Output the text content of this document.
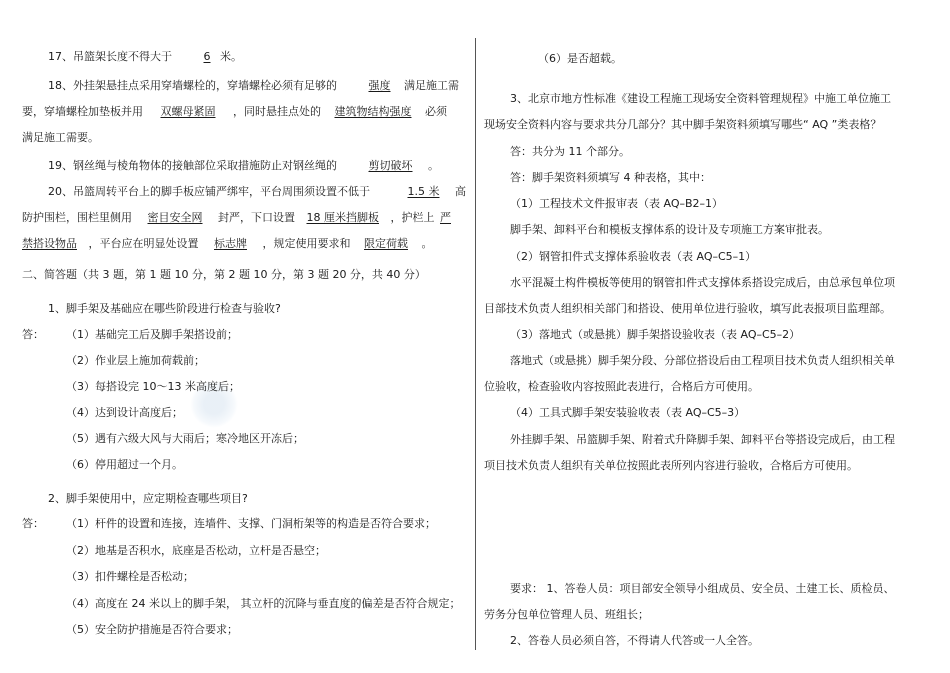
17、吊篮架长度不得大于	6 米。
18、外挂架悬挂点采用穿墙螺栓的，穿墙螺栓必须有足够的	强度 满足施工需
要，穿墙螺栓加垫板并用 双螺母紧固 ，同时悬挂点处的 建筑物结构强度 必须
满足施工需要。
19、钢丝绳与棱角物体的接触部位采取措施防止对钢丝绳的	剪切破坏 。
20、吊篮周转平台上的脚手板应铺严绑牢，平台周围须设置不低于	1.5 米 高
防护围栏，围栏里侧用 密目安全网 封严，下口设置 18 厘米挡脚板 ，护栏上 严
禁搭设物品 ，平台应在明显处设置 标志牌 ，规定使用要求和 限定荷载 。
二、简答题（共 3 题，第 1 题 10 分，第 2 题 10 分，第 3 题 20 分，共 40 分）
1、脚手架及基础应在哪些阶段进行检查与验收?
答： （1）基础完工后及脚手架搭设前；
（2）作业层上施加荷载前；
（3）每搭设完 10～13 米高度后；
（4）达到设计高度后；
（5）遇有六级大风与大雨后；寒冷地区开冻后；
（6）停用超过一个月。
2、脚手架使用中，应定期检查哪些项目?
答： （1）杆件的设置和连接，连墙件、支撑、门洞桁架等的构造是否符合要求；
（2）地基是否积水，底座是否松动，立杆是否悬空；
（3）扣件螺栓是否松动；
（4）高度在 24 米以上的脚手架， 其立杆的沉降与垂直度的偏差是否符合规定；
（5）安全防护措施是否符合要求；
（6）是否超载。
3、北京市地方性标准《建设工程施工现场安全资料管理规程》中施工单位施工
现场安全资料内容与要求共分几部分？其中脚手架资料须填写哪些“ AQ ”类表格？
答：共分为 11 个部分。
答：脚手架资料须填写 4 种表格，其中：
（1）工程技术文件报审表（表 AQ–B2–1）
脚手架、卸料平台和模板支撑体系的设计及专项施工方案审批表。
（2）钢管扣件式支撑体系验收表（表 AQ–C5–1）
水平混凝土构件模板等使用的钢管扣件式支撑体系搭设完成后，由总承包单位项
目部技术负责人组织相关部门和搭设、使用单位进行验收，填写此表报项目监理部。
（3）落地式（或悬挑）脚手架搭设验收表（表 AQ–C5–2）
落地式（或悬挑）脚手架分段、分部位搭设后由工程项目技术负责人组织相关单
位验收，检查验收内容按照此表进行，合格后方可使用。
（4）工具式脚手架安装验收表（表 AQ–C5–3）
外挂脚手架、吊篮脚手架、附着式升降脚手架、卸料平台等搭设完成后，由工程
项目技术负责人组织有关单位按照此表所列内容进行验收，合格后方可使用。
要求： 1、答卷人员：项目部安全领导小组成员、安全员、土建工长、质检员、
劳务分包单位管理人员、班组长；
2、答卷人员必须自答，不得请人代答或一人全答。
